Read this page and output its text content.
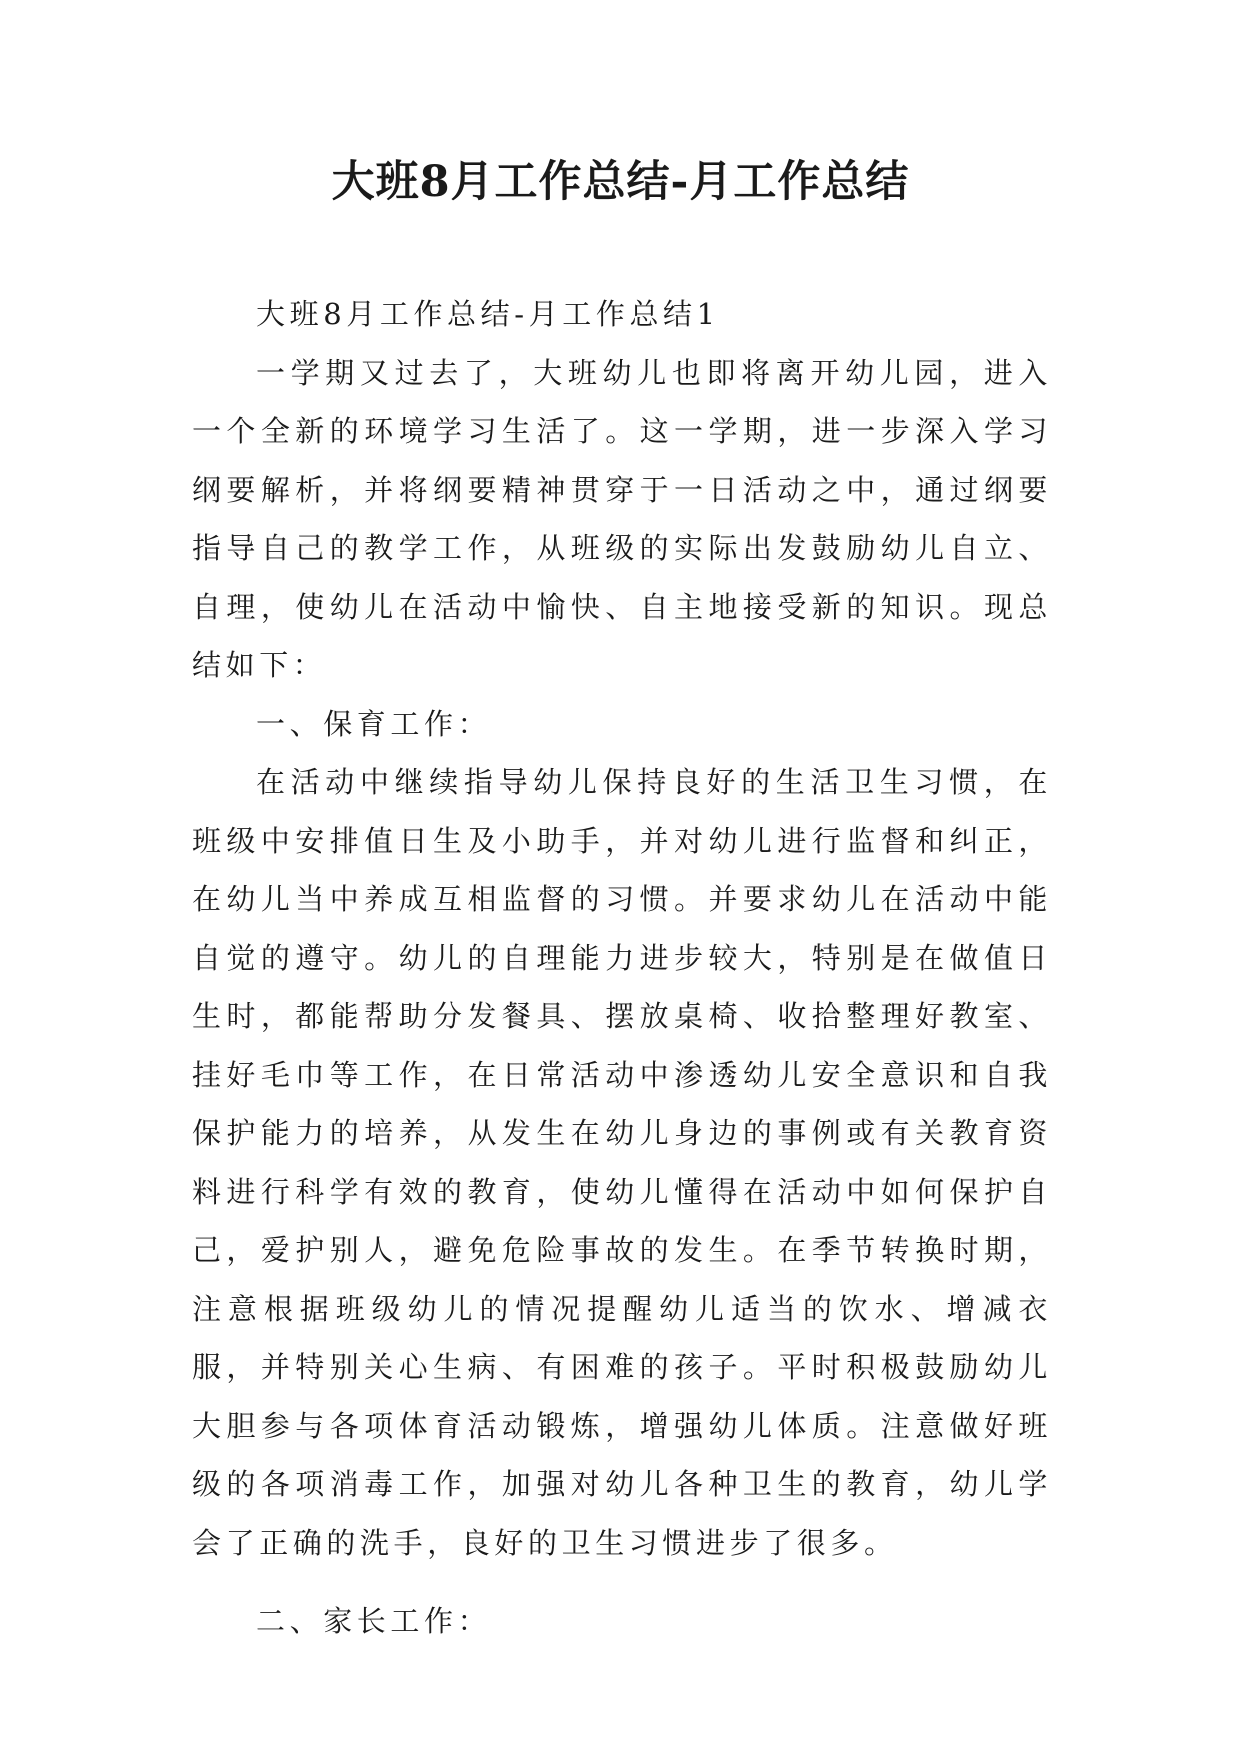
大班8月工作总结-月工作总结

大班8月工作总结-月工作总结1

一学期又过去了，大班幼儿也即将离开幼儿园，进入一个全新的环境学习生活了。这一学期，进一步深入学习纲要解析，并将纲要精神贯穿于一日活动之中，通过纲要指导自己的教学工作，从班级的实际出发鼓励幼儿自立、自理，使幼儿在活动中愉快、自主地接受新的知识。现总结如下：

一、保育工作：

在活动中继续指导幼儿保持良好的生活卫生习惯，在班级中安排值日生及小助手，并对幼儿进行监督和纠正，在幼儿当中养成互相监督的习惯。并要求幼儿在活动中能自觉的遵守。幼儿的自理能力进步较大，特别是在做值日生时，都能帮助分发餐具、摆放桌椅、收拾整理好教室、挂好毛巾等工作，在日常活动中渗透幼儿安全意识和自我保护能力的培养，从发生在幼儿身边的事例或有关教育资料进行科学有效的教育，使幼儿懂得在活动中如何保护自己，爱护别人，避免危险事故的发生。在季节转换时期，注意根据班级幼儿的情况提醒幼儿适当的饮水、增减衣服，并特别关心生病、有困难的孩子。平时积极鼓励幼儿大胆参与各项体育活动锻炼，增强幼儿体质。注意做好班级的各项消毒工作，加强对幼儿各种卫生的教育，幼儿学会了正确的洗手，良好的卫生习惯进步了很多。

二、家长工作：
